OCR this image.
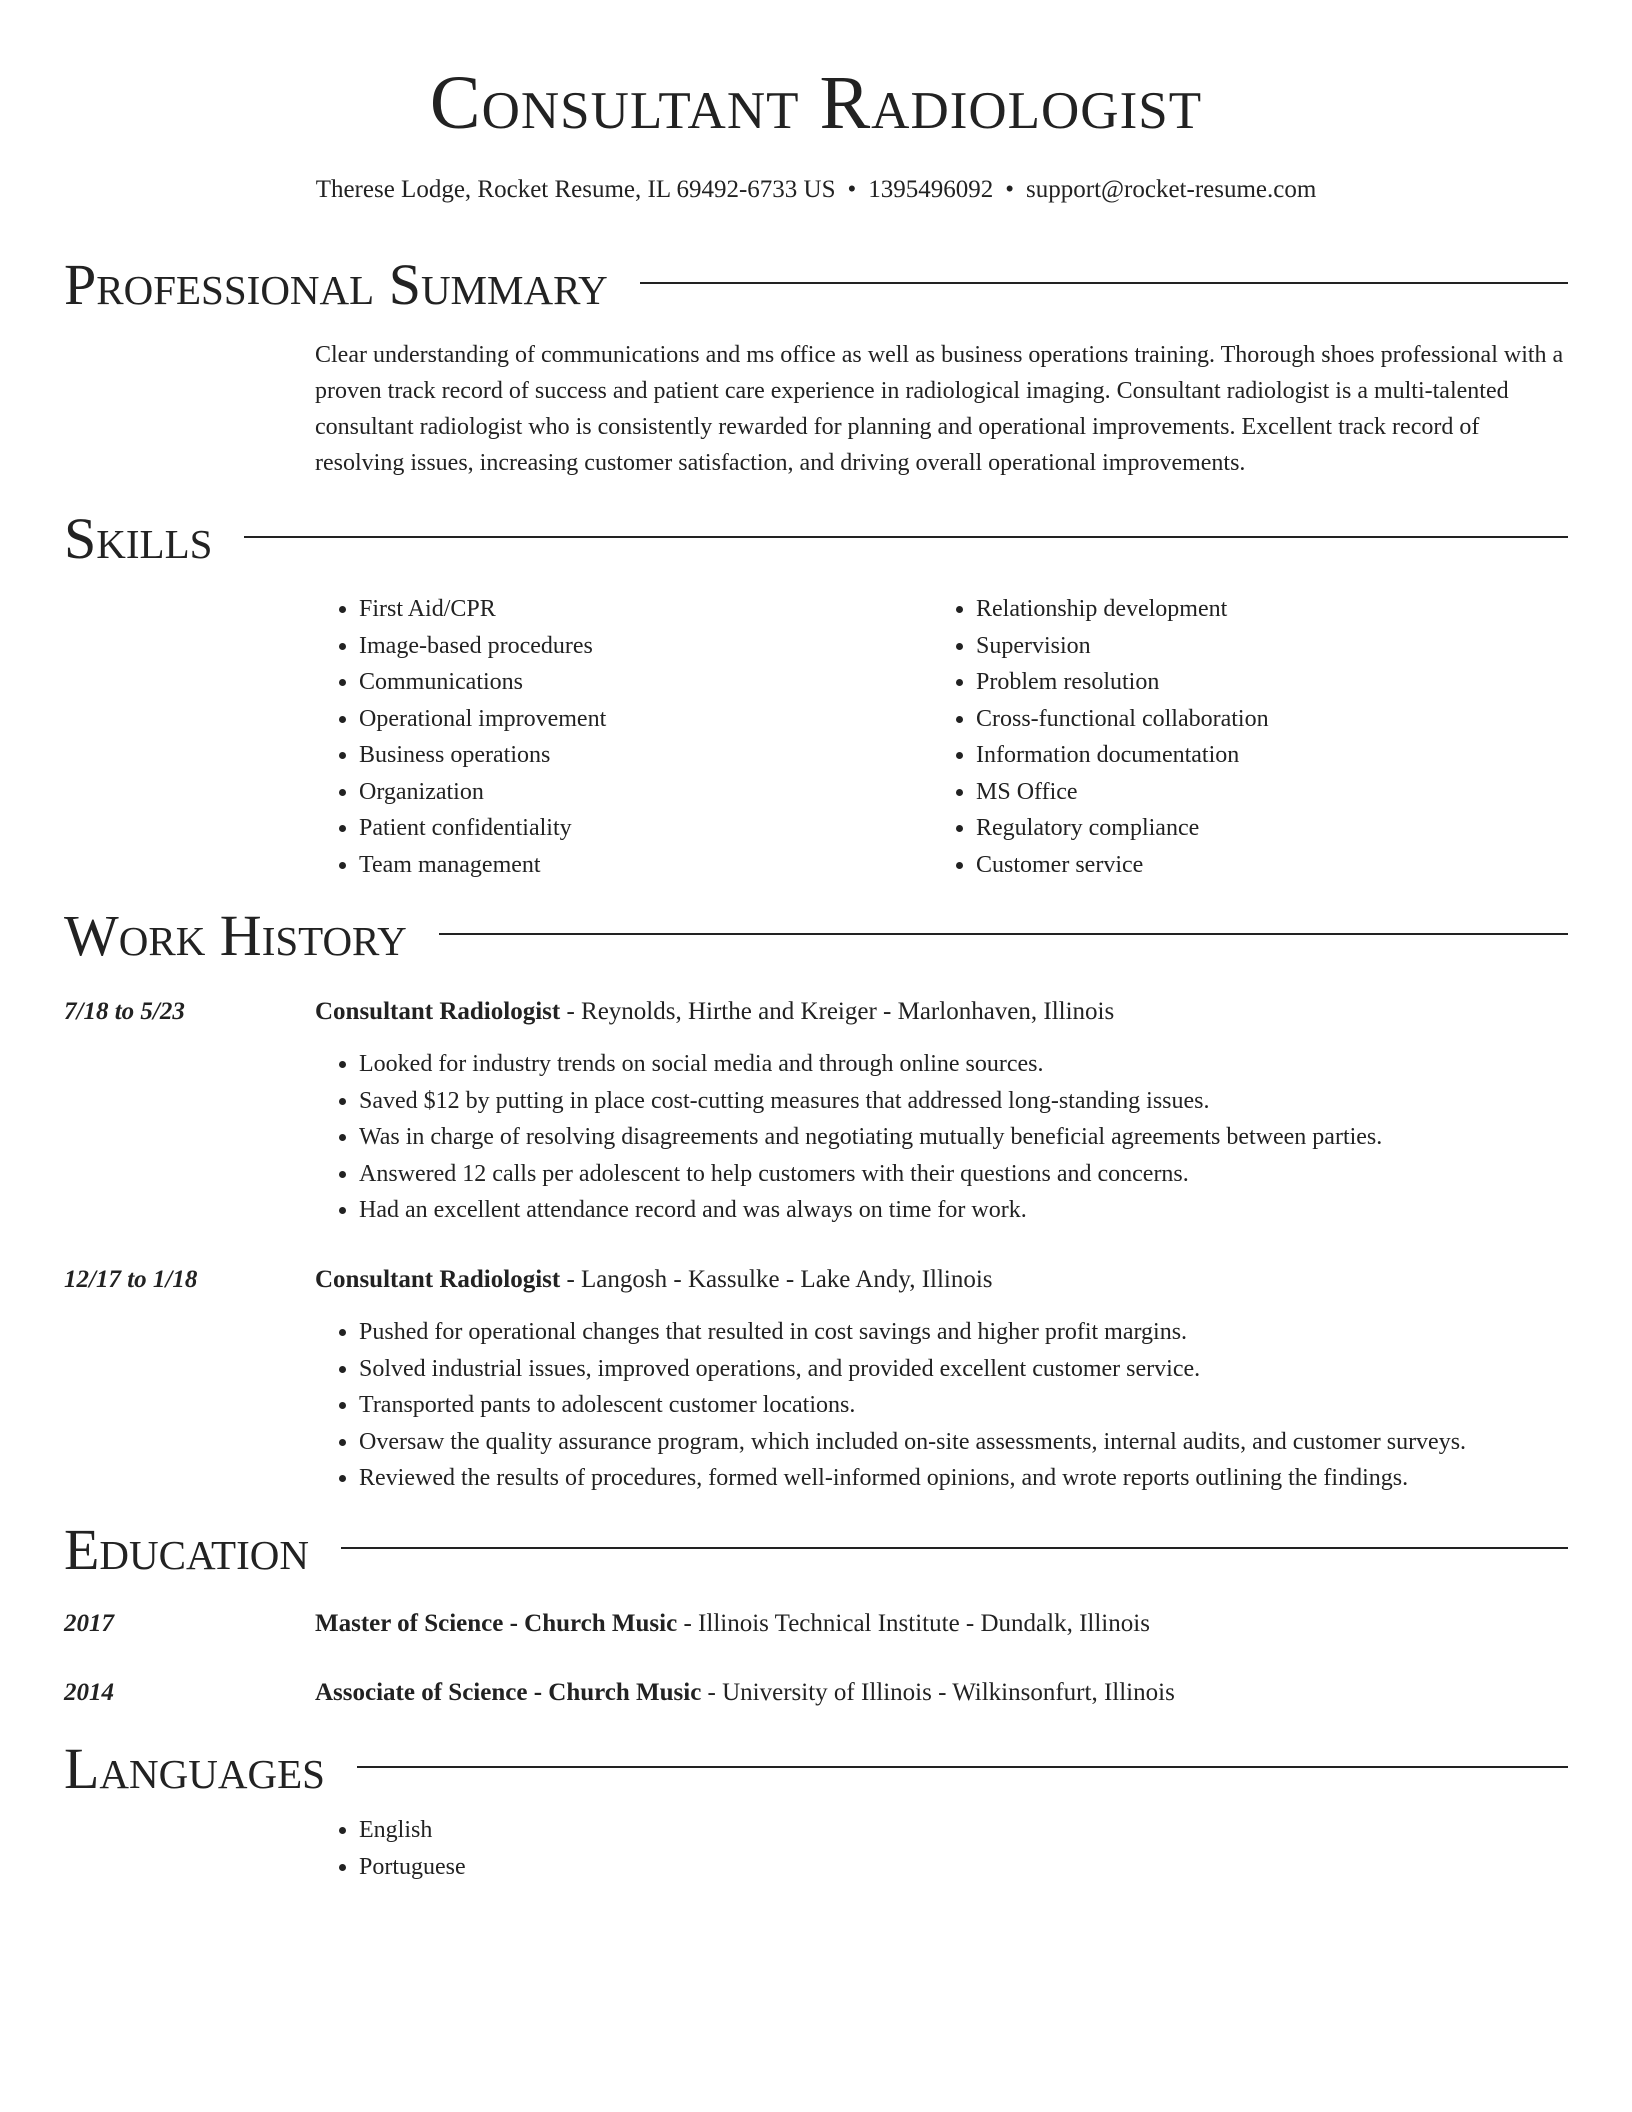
Consultant Radiologist
Therese Lodge, Rocket Resume, IL 69492-6733 US • 1395496092 • support@rocket-resume.com
Professional Summary

Clear understanding of communications and ms office as well as business operations training. Thorough shoes professional with a proven track record of success and patient care experience in radiological imaging. Consultant radiologist is a multi-talented consultant radiologist who is consistently rewarded for planning and operational improvements. Excellent track record of resolving issues, increasing customer satisfaction, and driving overall operational improvements.

Skills
• First Aid/CPR
• Image-based procedures
• Communications
• Operational improvement
• Business operations
• Organization
• Patient confidentiality
• Team management
• Relationship development
• Supervision
• Problem resolution
• Cross-functional collaboration
• Information documentation
• MS Office
• Regulatory compliance
• Customer service
Work History
7/18 to 5/23	Consultant Radiologist - Reynolds, Hirthe and Kreiger - Marlonhaven, Illinois
• Looked for industry trends on social media and through online sources.
• Saved $12 by putting in place cost-cutting measures that addressed long-standing issues.
• Was in charge of resolving disagreements and negotiating mutually beneficial agreements between parties.
• Answered 12 calls per adolescent to help customers with their questions and concerns.
• Had an excellent attendance record and was always on time for work.
12/17 to 1/18	Consultant Radiologist - Langosh - Kassulke - Lake Andy, Illinois
• Pushed for operational changes that resulted in cost savings and higher profit margins.
• Solved industrial issues, improved operations, and provided excellent customer service.
• Transported pants to adolescent customer locations.
• Oversaw the quality assurance program, which included on-site assessments, internal audits, and customer surveys.
• Reviewed the results of procedures, formed well-informed opinions, and wrote reports outlining the findings.
Education
2017	Master of Science - Church Music - Illinois Technical Institute - Dundalk, Illinois
2014	Associate of Science - Church Music - University of Illinois - Wilkinsonfurt, Illinois
Languages
• English
• Portuguese
